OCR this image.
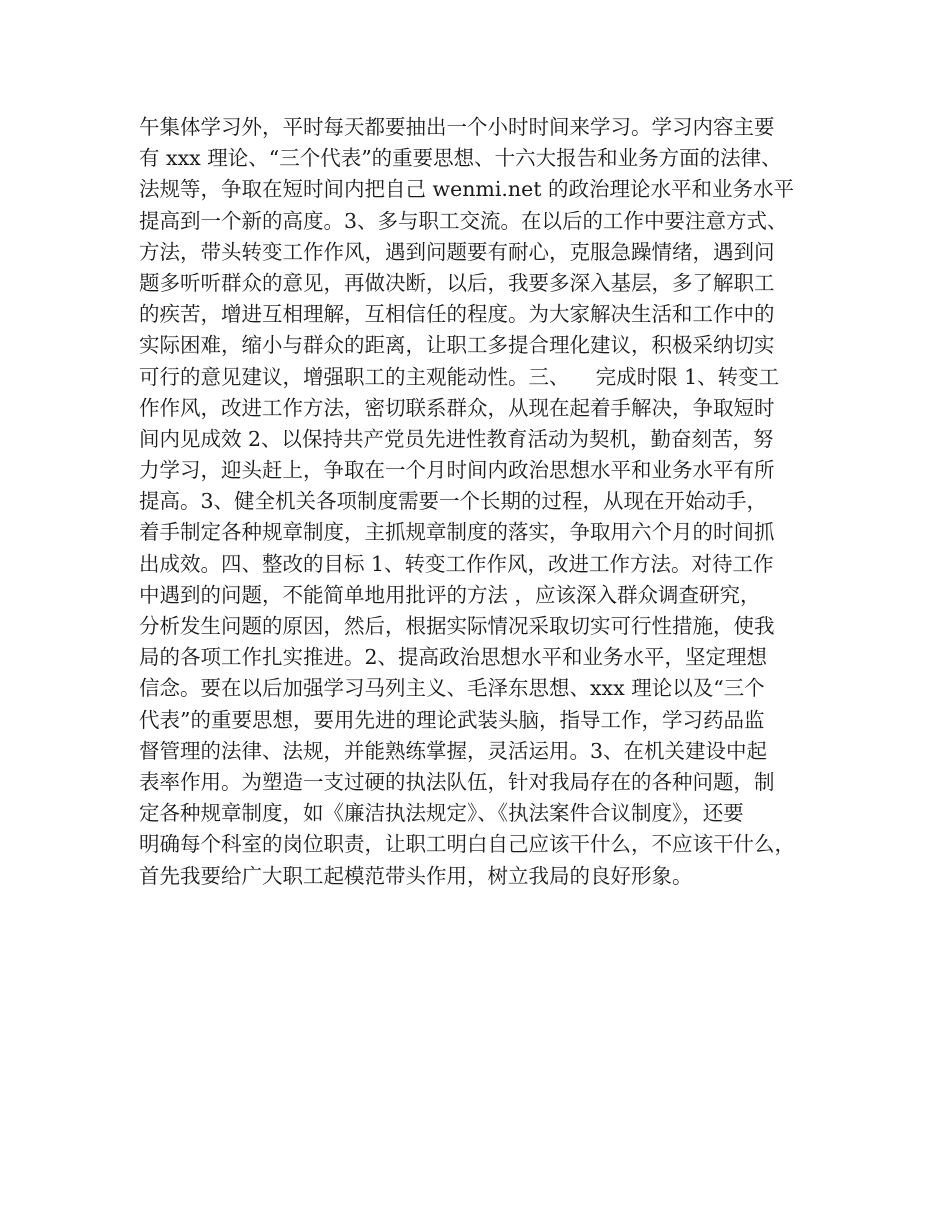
午集体学习外，平时每天都要抽出一个小时时间来学习。学习内容主要
有 xxx 理论、“三个代表”的重要思想、十六大报告和业务方面的法律、
法规等，争取在短时间内把自己 wenmi.net 的政治理论水平和业务水平
提高到一个新的高度。3、多与职工交流。在以后的工作中要注意方式、
方法，带头转变工作作风，遇到问题要有耐心，克服急躁情绪，遇到问
题多听听群众的意见，再做决断，以后，我要多深入基层，多了解职工
的疾苦，增进互相理解，互相信任的程度。为大家解决生活和工作中的
实际困难，缩小与群众的距离，让职工多提合理化建议，积极采纳切实
可行的意见建议，增强职工的主观能动性。三、    完成时限 1、转变工
作作风，改进工作方法，密切联系群众，从现在起着手解决，争取短时
间内见成效 2、以保持共产党员先进性教育活动为契机，勤奋刻苦，努
力学习，迎头赶上，争取在一个月时间内政治思想水平和业务水平有所
提高。3、健全机关各项制度需要一个长期的过程，从现在开始动手，
着手制定各种规章制度，主抓规章制度的落实，争取用六个月的时间抓
出成效。四、整改的目标 1、转变工作作风，改进工作方法。对待工作
中遇到的问题，不能简单地用批评的方法 ，应该深入群众调查研究，
分析发生问题的原因，然后，根据实际情况采取切实可行性措施，使我
局的各项工作扎实推进。2、提高政治思想水平和业务水平，坚定理想
信念。要在以后加强学习马列主义、毛泽东思想、xxx 理论以及“三个
代表”的重要思想，要用先进的理论武装头脑，指导工作，学习药品监
督管理的法律、法规，并能熟练掌握，灵活运用。3、在机关建设中起
表率作用。为塑造一支过硬的执法队伍，针对我局存在的各种问题，制
定各种规章制度，如《廉洁执法规定》、《执法案件合议制度》，还要
明确每个科室的岗位职责，让职工明白自己应该干什么，不应该干什么，
首先我要给广大职工起模范带头作用，树立我局的良好形象。
